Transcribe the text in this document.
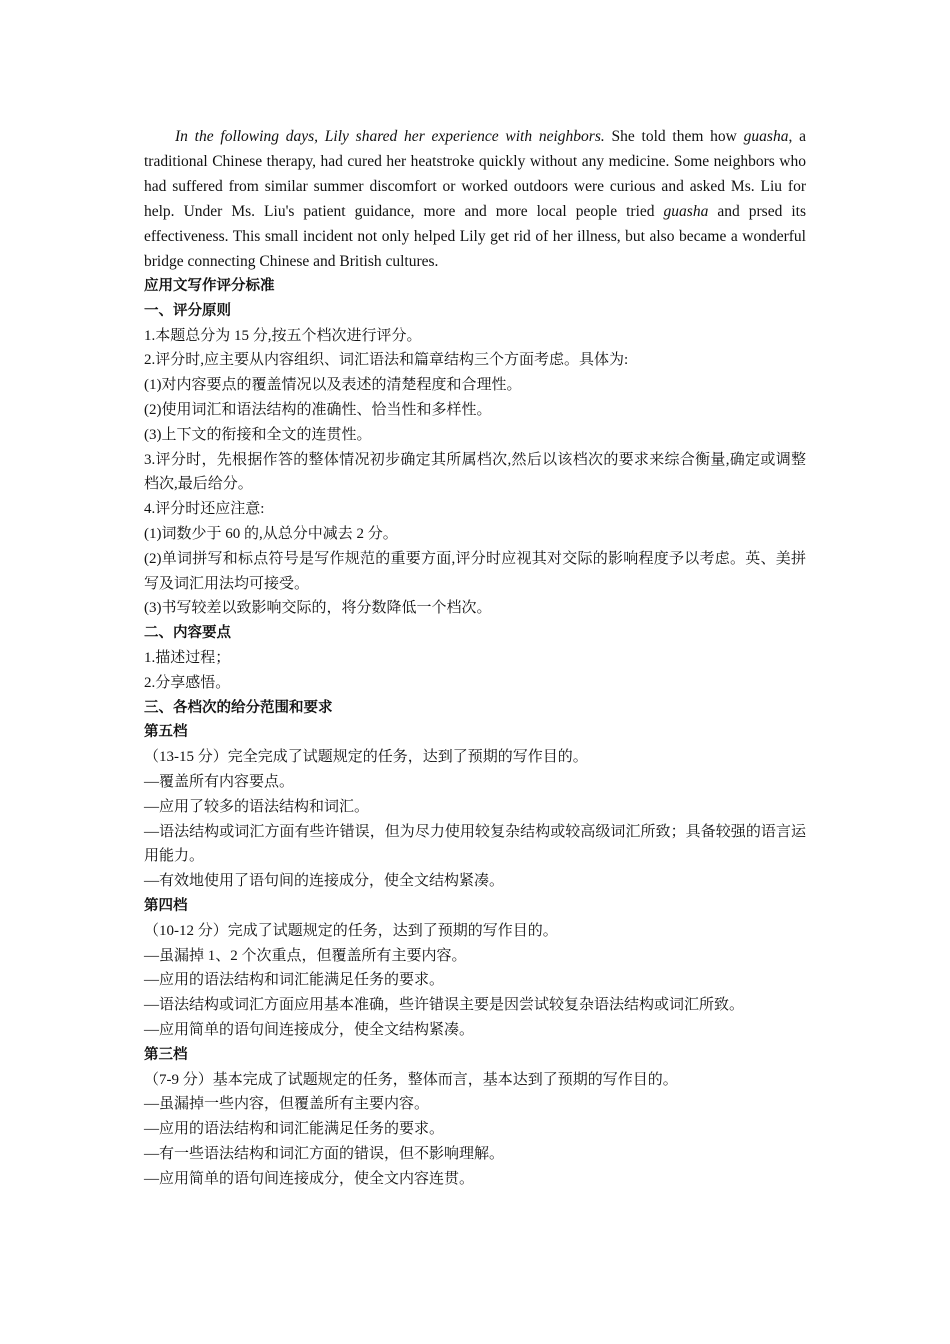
In the following days, Lily shared her experience with neighbors. She told them how guasha, a traditional Chinese therapy, had cured her heatstroke quickly without any medicine. Some neighbors who had suffered from similar summer discomfort or worked outdoors were curious and asked Ms. Liu for help. Under Ms. Liu's patient guidance, more and more local people tried guasha and prsed its effectiveness. This small incident not only helped Lily get rid of her illness, but also became a wonderful bridge connecting Chinese and British cultures.

应用文写作评分标准

一、评分原则

1.本题总分为 15 分,按五个档次进行评分。

2.评分时,应主要从内容组织、词汇语法和篇章结构三个方面考虑。具体为:

(1)对内容要点的覆盖情况以及表述的清楚程度和合理性。

(2)使用词汇和语法结构的准确性、恰当性和多样性。

(3)上下文的衔接和全文的连贯性。

3.评分时，先根据作答的整体情况初步确定其所属档次,然后以该档次的要求来综合衡量,确定或调整档次,最后给分。

4.评分时还应注意:

(1)词数少于 60 的,从总分中减去 2 分。

(2)单词拼写和标点符号是写作规范的重要方面,评分时应视其对交际的影响程度予以考虑。英、美拼写及词汇用法均可接受。

(3)书写较差以致影响交际的，将分数降低一个档次。

二、内容要点

1.描述过程；

2.分享感悟。

三、各档次的给分范围和要求

第五档

（13-15 分）完全完成了试题规定的任务，达到了预期的写作目的。

—覆盖所有内容要点。

—应用了较多的语法结构和词汇。

—语法结构或词汇方面有些许错误，但为尽力使用较复杂结构或较高级词汇所致；具备较强的语言运用能力。

—有效地使用了语句间的连接成分，使全文结构紧凑。

第四档

（10-12 分）完成了试题规定的任务，达到了预期的写作目的。

—虽漏掉 1、2 个次重点，但覆盖所有主要内容。

—应用的语法结构和词汇能满足任务的要求。

—语法结构或词汇方面应用基本准确，些许错误主要是因尝试较复杂语法结构或词汇所致。

—应用简单的语句间连接成分，使全文结构紧凑。

第三档

（7-9 分）基本完成了试题规定的任务，整体而言，基本达到了预期的写作目的。

—虽漏掉一些内容，但覆盖所有主要内容。

—应用的语法结构和词汇能满足任务的要求。

—有一些语法结构和词汇方面的错误，但不影响理解。

—应用简单的语句间连接成分，使全文内容连贯。
